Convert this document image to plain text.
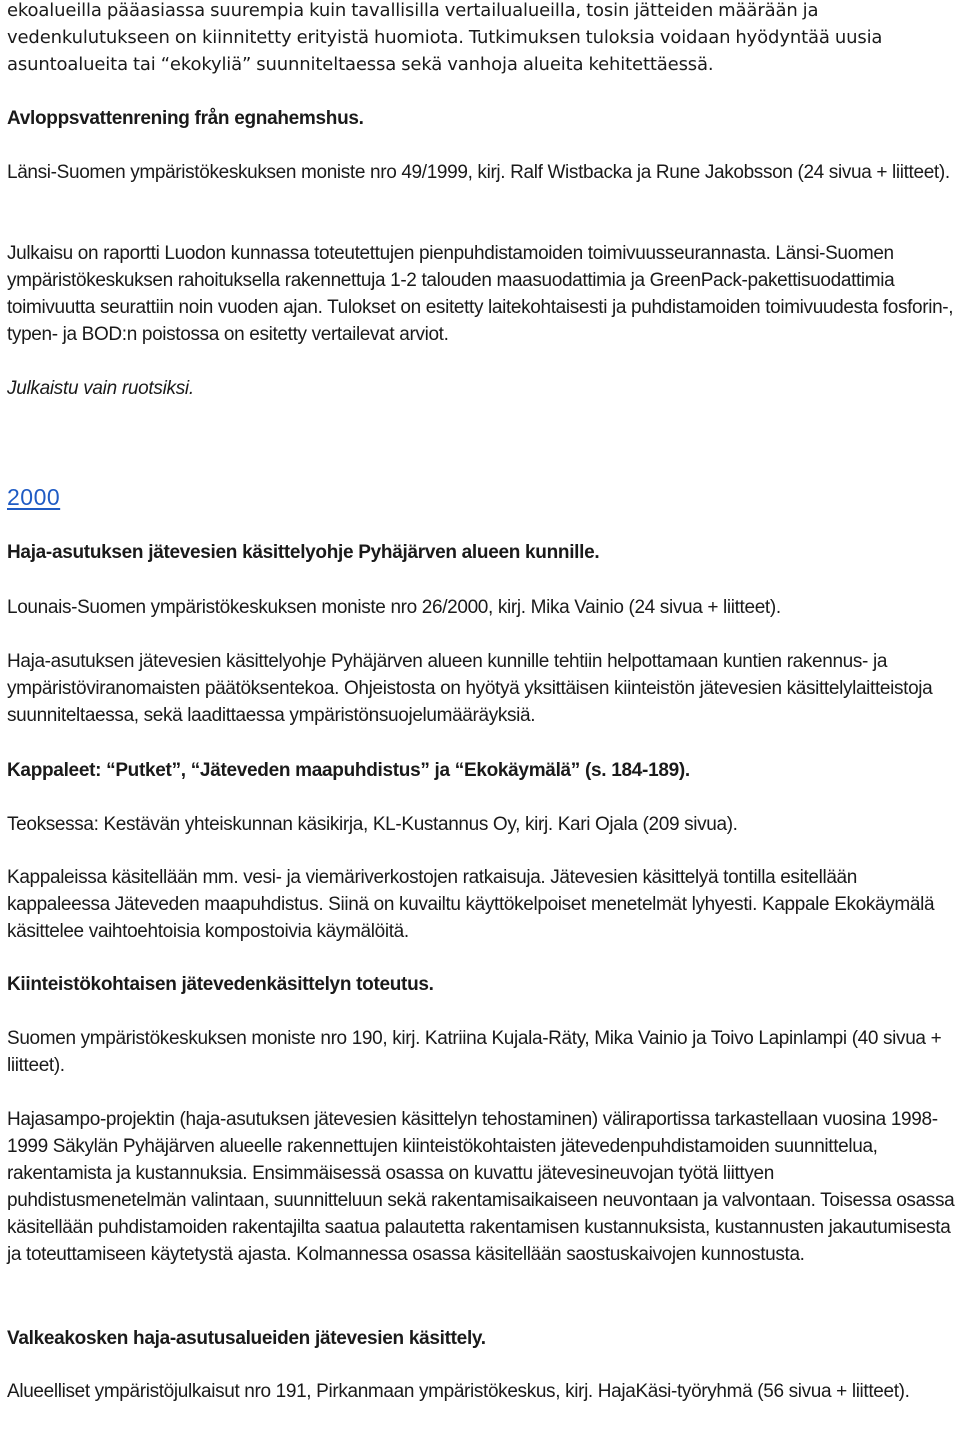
ekoalueilla pääasiassa suurempia kuin tavallisilla vertailualueilla, tosin jätteiden määrään ja vedenkulutukseen on kiinnitetty erityistä huomiota. Tutkimuksen tuloksia voidaan hyödyntää uusia asuntoalueita tai “ekokyliä” suunniteltaessa sekä vanhoja alueita kehitettäessä.

Avloppsvattenrening från egnahemshus.

Länsi-Suomen ympäristökeskuksen moniste nro 49/1999, kirj. Ralf Wistbacka ja Rune Jakobsson (24 sivua + liitteet).

Julkaisu on raportti Luodon kunnassa toteutettujen pienpuhdistamoiden toimivuusseurannasta. Länsi-Suomen ympäristökeskuksen rahoituksella rakennettuja 1-2 talouden maasuodattimia ja GreenPack-pakettisuodattimia toimivuutta seurattiin noin vuoden ajan. Tulokset on esitetty laitekohtaisesti ja puhdistamoiden toimivuudesta fosforin-, typen- ja BOD:n poistossa on esitetty vertailevat arviot.

Julkaistu vain ruotsiksi.

2000

Haja-asutuksen jätevesien käsittelyohje Pyhäjärven alueen kunnille.

Lounais-Suomen ympäristökeskuksen moniste nro 26/2000, kirj. Mika Vainio (24 sivua + liitteet).

Haja-asutuksen jätevesien käsittelyohje Pyhäjärven alueen kunnille tehtiin helpottamaan kuntien rakennus- ja ympäristöviranomaisten päätöksentekoa. Ohjeistosta on hyötyä yksittäisen kiinteistön jätevesien käsittelylaitteistoja suunniteltaessa, sekä laadittaessa ympäristönsuojelumääräyksiä.

Kappaleet: “Putket”, “Jäteveden maapuhdistus” ja “Ekokäymälä” (s. 184-189).

Teoksessa: Kestävän yhteiskunnan käsikirja, KL-Kustannus Oy, kirj. Kari Ojala (209 sivua).

Kappaleissa käsitellään mm. vesi- ja viemäriverkostojen ratkaisuja. Jätevesien käsittelyä tontilla esitellään kappaleessa Jäteveden maapuhdistus. Siinä on kuvailtu käyttökelpoiset menetelmät lyhyesti. Kappale Ekokäymälä käsittelee vaihtoehtoisia kompostoivia käymälöitä.

Kiinteistökohtaisen jätevedenkäsittelyn toteutus.

Suomen ympäristökeskuksen moniste nro 190, kirj. Katriina Kujala-Räty, Mika Vainio ja Toivo Lapinlampi (40 sivua + liitteet).

Hajasampo-projektin (haja-asutuksen jätevesien käsittelyn tehostaminen) väliraportissa tarkastellaan vuosina 1998-1999 Säkylän Pyhäjärven alueelle rakennettujen kiinteistökohtaisten jätevedenpuhdistamoiden suunnittelua, rakentamista ja kustannuksia. Ensimmäisessä osassa on kuvattu jätevesineuvojan työtä liittyen puhdistusmenetelmän valintaan, suunnitteluun sekä rakentamisaikaiseen neuvontaan ja valvontaan. Toisessa osassa käsitellään puhdistamoiden rakentajilta saatua palautetta rakentamisen kustannuksista, kustannusten jakautumisesta ja toteuttamiseen käytetystä ajasta. Kolmannessa osassa käsitellään saostuskaivojen kunnostusta.

Valkeakosken haja-asutusalueiden jätevesien käsittely.

Alueelliset ympäristöjulkaisut nro 191, Pirkanmaan ympäristökeskus, kirj. HajaKäsi-työryhmä (56 sivua + liitteet).
